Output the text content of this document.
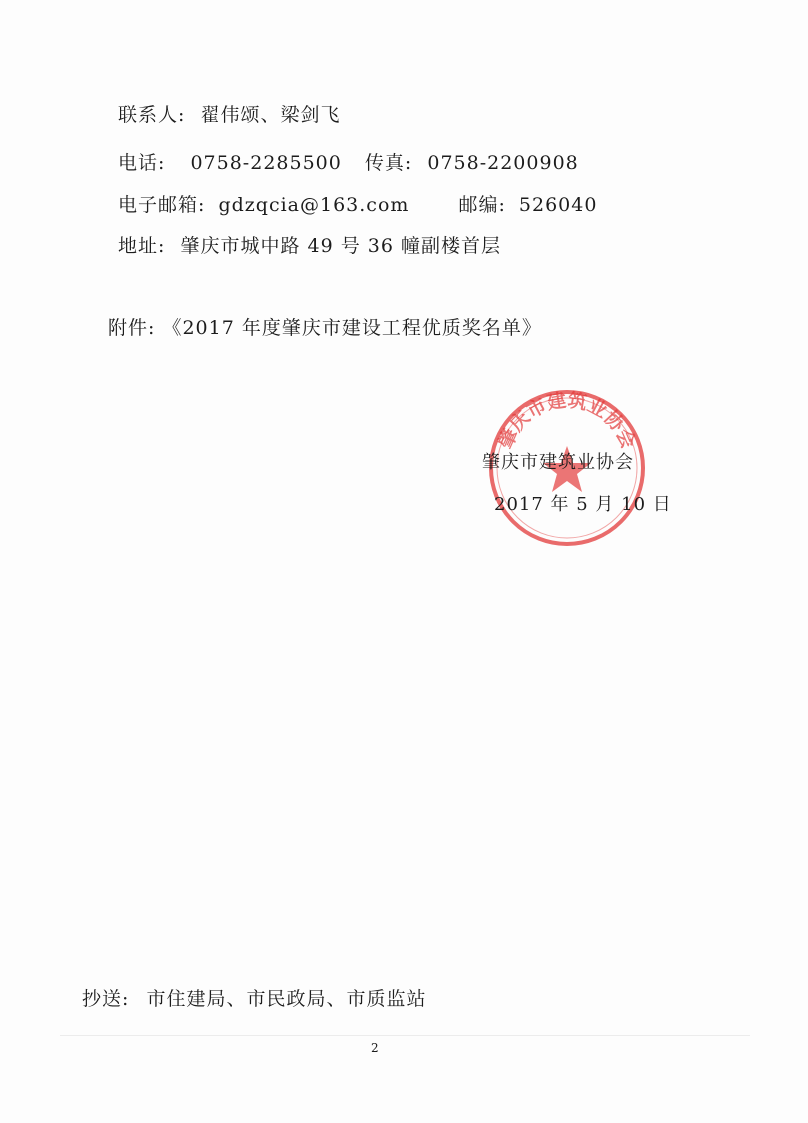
联系人: 翟伟颂、梁剑飞
电话: 0758-2285500 传真: 0758-2200908
电子邮箱: gdzqcia@163.com	邮编: 526040
地址: 肇庆市城中路 49 号 36 幢副楼首层
附件: 《2017 年度肇庆市建设工程优质奖名单》
肇庆市建筑业协会
肇庆市建筑业协会
2017 年 5 月 10 日
抄送: 市住建局、市民政局、市质监站
2
